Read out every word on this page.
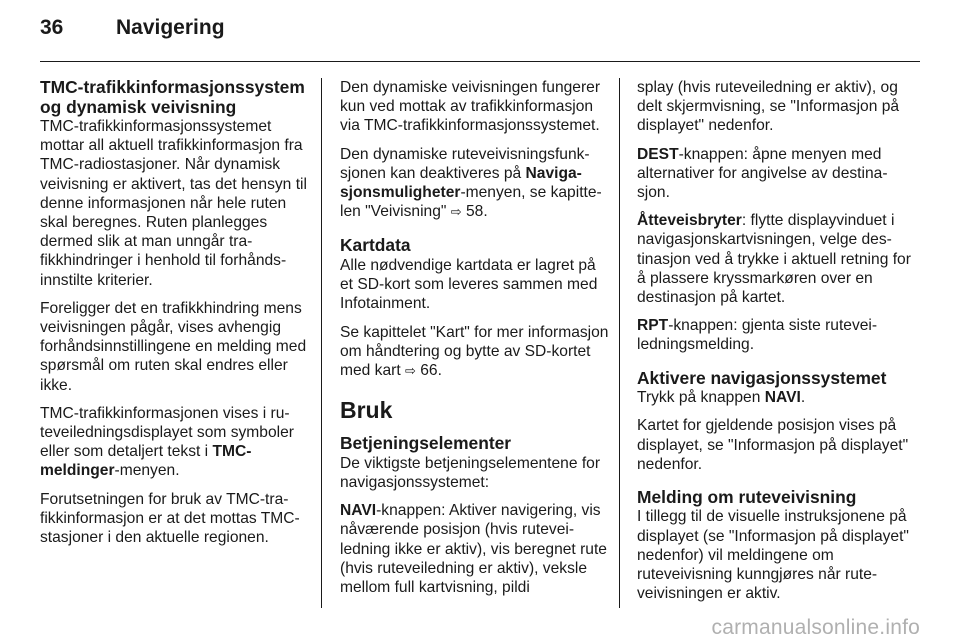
36	Navigering
TMC-trafikkinformasjonssystem og dynamisk veivisning

TMC-trafikkinformasjonssystemet mottar all aktuell trafikkinformasjon fra TMC-radiostasjoner. Når dynamisk veivisning er aktivert, tas det hensyn til denne informasjonen når hele ruten skal beregnes. Ruten planlegges dermed slik at man unngår trafikkhindringer i henhold til forhåndsinnstilte kriterier.

Foreligger det en trafikkhindring mens veivisningen pågår, vises avhengig forhåndsinnstillingene en melding med spørsmål om ruten skal endres eller ikke.

TMC-trafikkinformasjonen vises i ruteveiledningsdisplayet som symboler eller som detaljert tekst i TMC-meldinger-menyen.

Forutsetningen for bruk av TMC-trafikkinformasjon er at det mottas TMC-stasjoner i den aktuelle regionen.

Den dynamiske veivisningen fungerer kun ved mottak av trafikkinformasjon via TMC-trafikkinformasjonssystemet.

Den dynamiske ruteveivisningsfunksjonen kan deaktiveres på Navigasjonsmuligheter-menyen, se kapittelen "Veivisning" ⇨ 58.

Kartdata

Alle nødvendige kartdata er lagret på et SD-kort som leveres sammen med Infotainment.

Se kapittelet "Kart" for mer informasjon om håndtering og bytte av SD-kortet med kart ⇨ 66.

Bruk
Betjeningselementer

De viktigste betjeningselementene for navigasjonssystemet:

NAVI-knappen: Aktiver navigering, vis nåværende posisjon (hvis ruteveiledning ikke er aktiv), vis beregnet rute (hvis ruteveiledning er aktiv), veksle mellom full kartvisning, pildi

splay (hvis ruteveiledning er aktiv), og delt skjermvisning, se "Informasjon på displayet" nedenfor.

DEST-knappen: åpne menyen med alternativer for angivelse av destinasjon.

Åtteveisbryter: flytte displayvinduet i navigasjonskartvisningen, velge destinasjon ved å trykke i aktuell retning for å plassere kryssmarkøren over en destinasjon på kartet.

RPT-knappen: gjenta siste ruteveiledningsmelding.

Aktivere navigasjonssystemet

Trykk på knappen NAVI.

Kartet for gjeldende posisjon vises på displayet, se "Informasjon på displayet" nedenfor.

Melding om ruteveivisning

I tillegg til de visuelle instruksjonene på displayet (se "Informasjon på displayet" nedenfor) vil meldingene om ruteveivisning kunngjøres når ruteveivisningen er aktiv.

carmanualsonline.info
